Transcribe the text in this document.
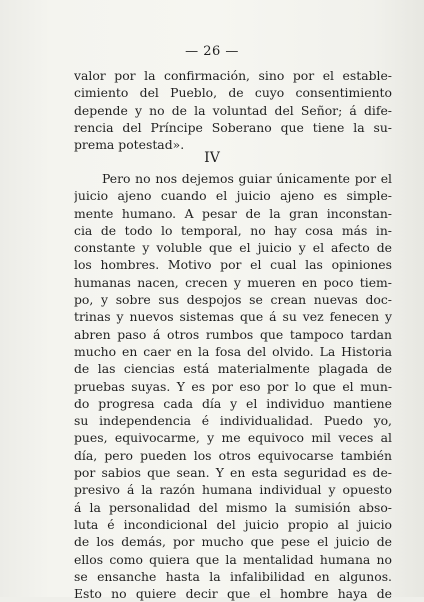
— 26 —
valor por la confirmación, sino por el estable-
cimiento del Pueblo, de cuyo consentimiento
depende y no de la voluntad del Señor; á dife-
rencia del Príncipe Soberano que tiene la su-
prema potestad».
IV
Pero no nos dejemos guiar únicamente por el
juicio ajeno cuando el juicio ajeno es simple-
mente humano. A pesar de la gran inconstan-
cia de todo lo temporal, no hay cosa más in-
constante y voluble que el juicio y el afecto de
los hombres. Motivo por el cual las opiniones
humanas nacen, crecen y mueren en poco tiem-
po, y sobre sus despojos se crean nuevas doc-
trinas y nuevos sistemas que á su vez fenecen y
abren paso á otros rumbos que tampoco tardan
mucho en caer en la fosa del olvido. La Historia
de las ciencias está materialmente plagada de
pruebas suyas. Y es por eso por lo que el mun-
do progresa cada día y el individuo mantiene
su independencia é individualidad. Puedo yo,
pues, equivocarme, y me equivoco mil veces al
día, pero pueden los otros equivocarse también
por sabios que sean. Y en esta seguridad es de-
presivo á la razón humana individual y opuesto
á la personalidad del mismo la sumisión abso-
luta é incondicional del juicio propio al juicio
de los demás, por mucho que pese el juicio de
ellos como quiera que la mentalidad humana no
se ensanche hasta la infalibilidad en algunos.
Esto no quiere decir que el hombre haya de
